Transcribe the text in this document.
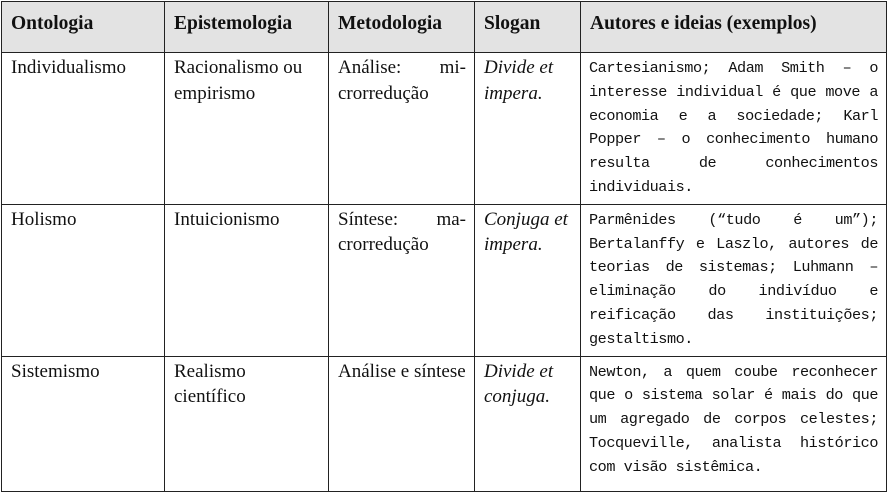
Ontologia	Epistemologia	Metodologia	Slogan	Autores e ideias (exemplos)
Individualismo	Racionalismo ou empirismo	Análise: microrredução	Divide et impera.	Cartesianismo; Adam Smith – o interesse individual é que move a economia e a sociedade; Karl Popper – o conhecimento humano resulta de conhecimentos individuais.
Holismo	Intuicionismo	Síntese: macrorredução	Conjuga et impera.	Parmênides (“tudo é um”); Bertalanffy e Laszlo, autores de teorias de sistemas; Luhmann – eliminação do indivíduo e reificação das instituições; gestaltismo.
Sistemismo	Realismo científico	Análise e síntese	Divide et conjuga.	Newton, a quem coube reconhecer que o sistema solar é mais do que um agregado de corpos celestes; Tocqueville, analista histórico com visão sistêmica.
